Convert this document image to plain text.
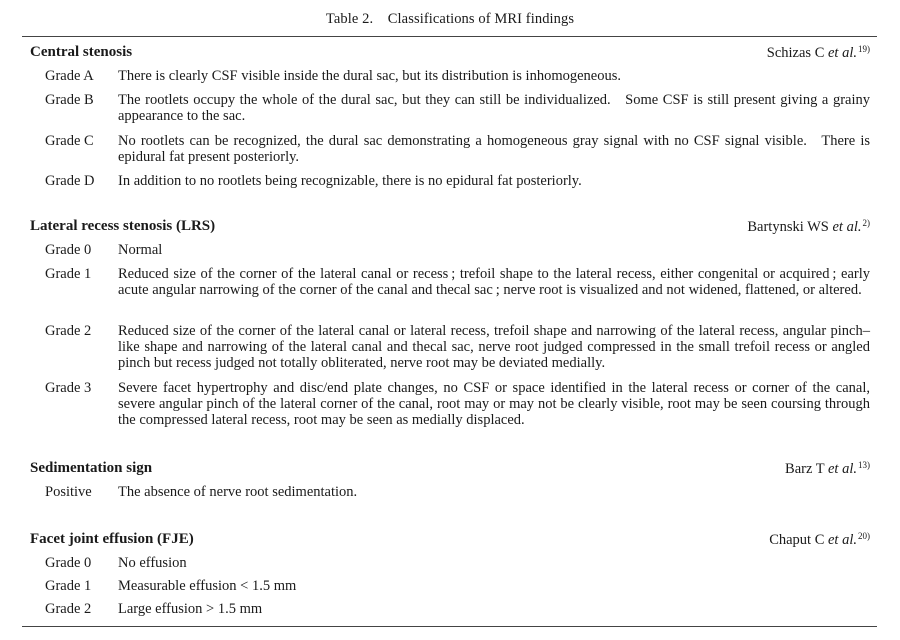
Table 2. Classifications of MRI findings
Central stenosis	Schizas C et al.$^{19)}$
Grade A There is clearly CSF visible inside the dural sac, but its distribution is inhomogeneous.
Grade B The rootlets occupy the whole of the dural sac, but they can still be individualized. Some CSF is still present giving a grainy appearance to the sac.
Grade C No rootlets can be recognized, the dural sac demonstrating a homogeneous gray signal with no CSF signal visible. There is epidural fat present posteriorly.
Grade D In addition to no rootlets being recognizable, there is no epidural fat posteriorly.
Lateral recess stenosis (LRS)	Bartynski WS et al.$^{2)}$
Grade 0 Normal
Grade 1 Reduced size of the corner of the lateral canal or recess ; trefoil shape to the lateral recess, either congenital or acquired ; early acute angular narrowing of the corner of the canal and thecal sac ; nerve root is visualized and not widened, flattened, or altered.
Grade 2 Reduced size of the corner of the lateral canal or lateral recess, trefoil shape and narrowing of the lateral recess, angular pinch–like shape and narrowing of the lateral canal and thecal sac, nerve root judged compressed in the small trefoil recess or angled pinch but recess judged not totally obliterated, nerve root may be deviated medially.
Grade 3 Severe facet hypertrophy and disc/end plate changes, no CSF or space identified in the lateral recess or corner of the canal, severe angular pinch of the lateral corner of the canal, root may or may not be clearly visible, root may be seen coursing through the compressed lateral recess, root may be seen as medially displaced.
Sedimentation sign	Barz T et al.$^{13)}$
Positive The absence of nerve root sedimentation.
Facet joint effusion (FJE)	Chaput C et al.$^{20)}$
Grade 0 No effusion
Grade 1 Measurable effusion < 1.5 mm
Grade 2 Large effusion > 1.5 mm
